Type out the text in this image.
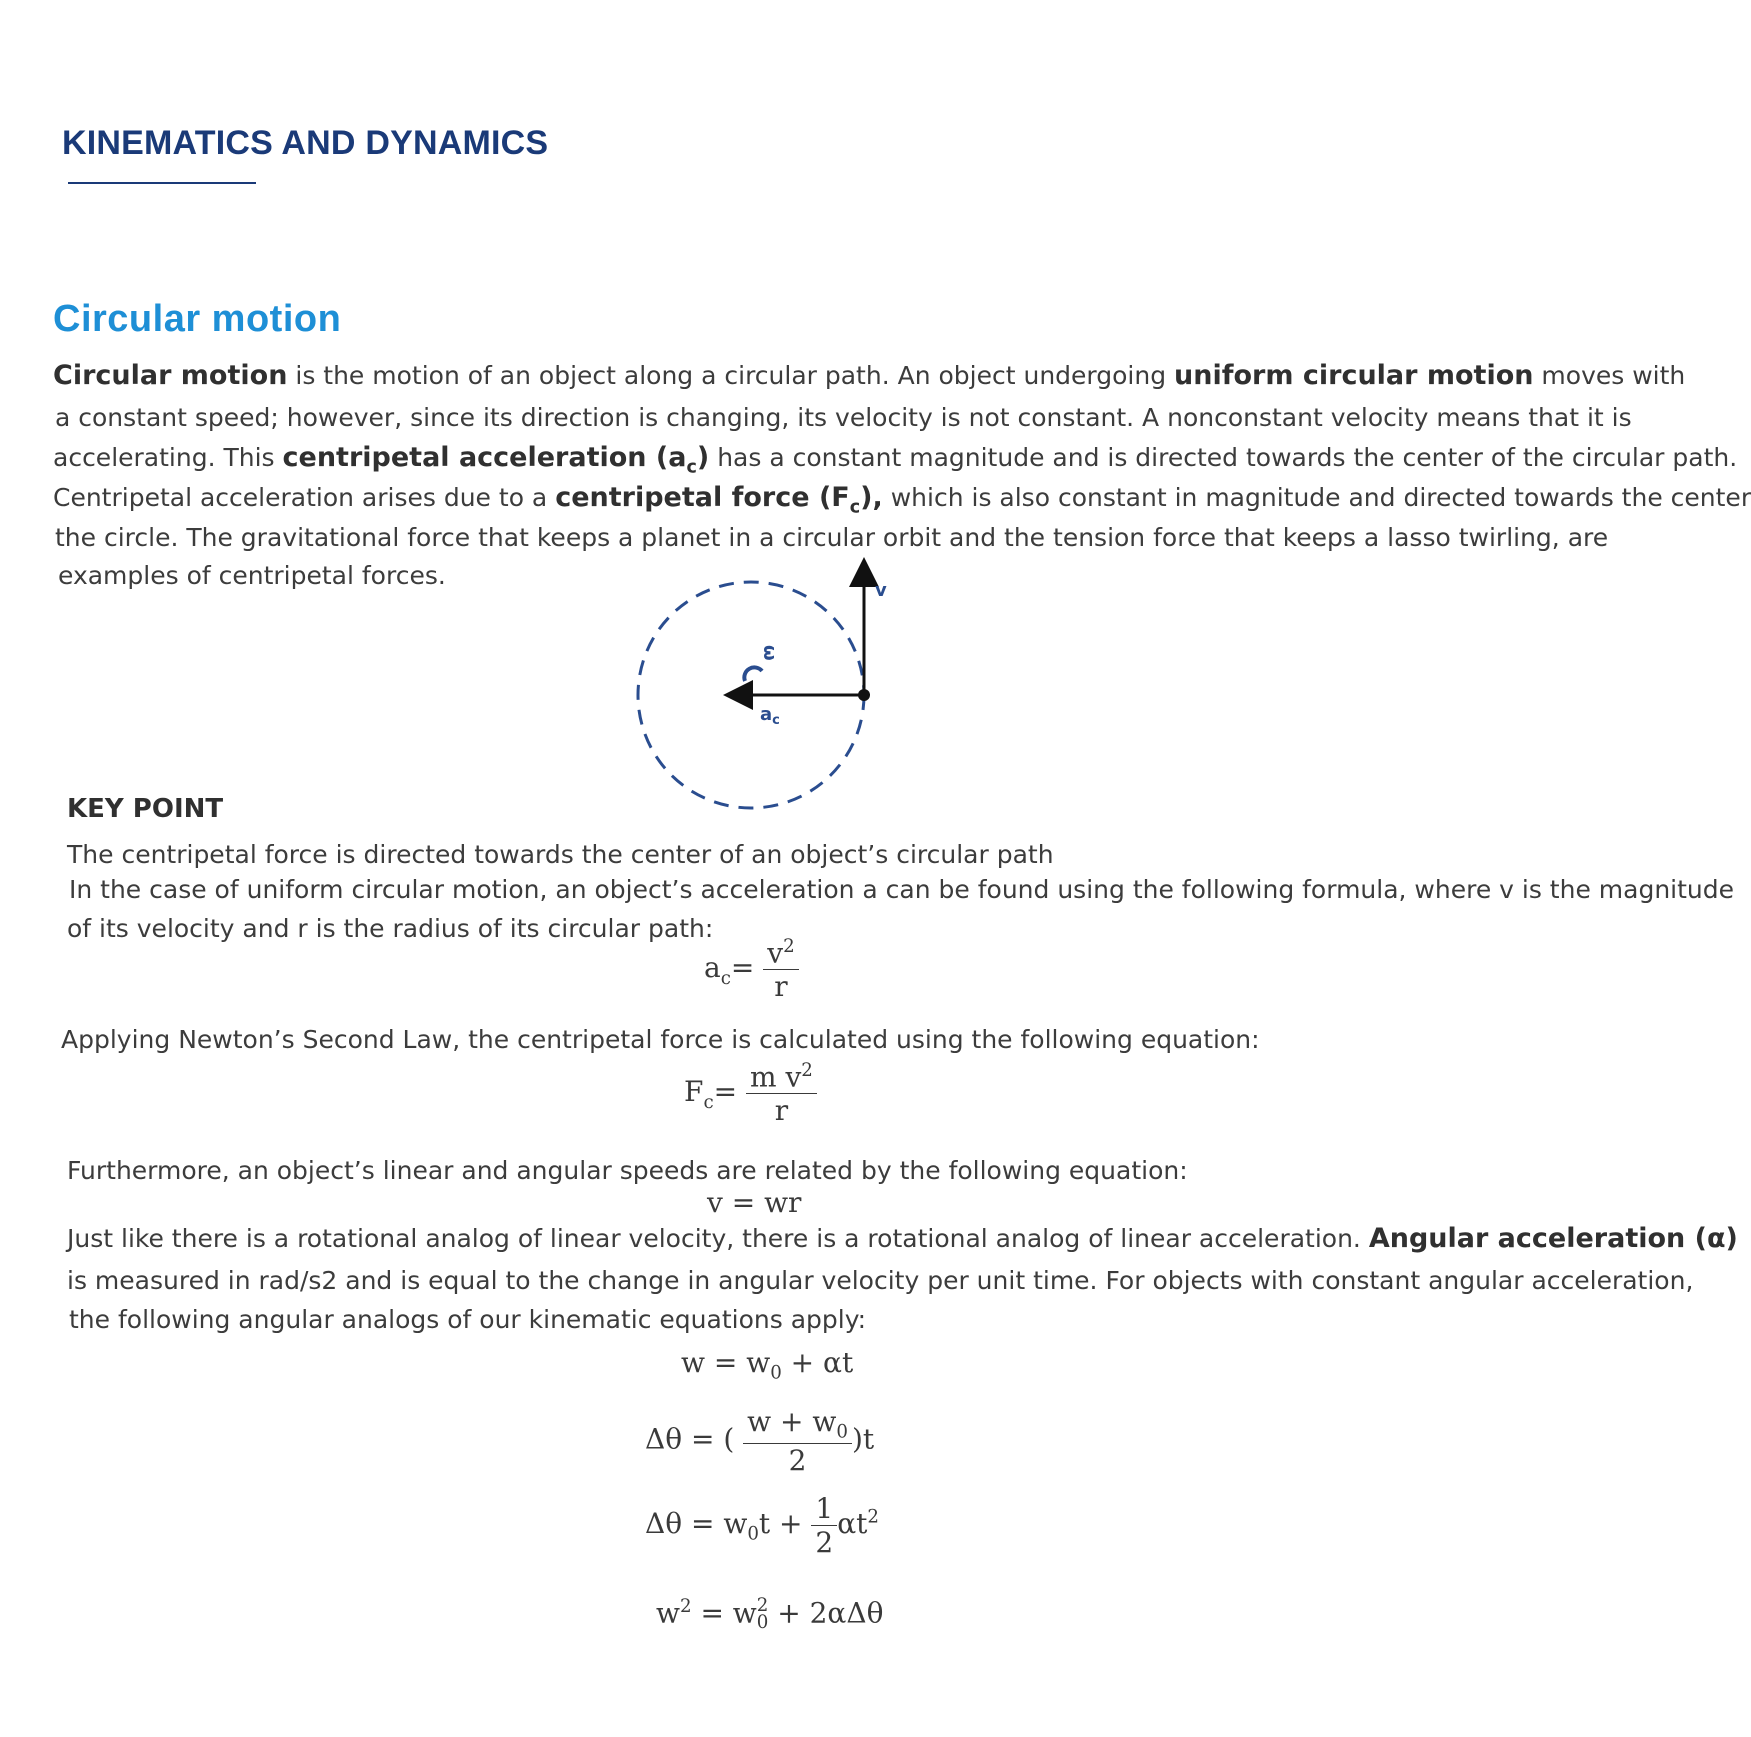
KINEMATICS AND DYNAMICS
Circular motion
Circular motion is the motion of an object along a circular path. An object undergoing uniform circular motion moves with
a constant speed; however, since its direction is changing, its velocity is not constant. A nonconstant velocity means that it is
accelerating. This centripetal acceleration $(a_c)$ has a constant magnitude and is directed towards the center of the circular path.
Centripetal acceleration arises due to a centripetal force $(F_c)$, which is also constant in magnitude and directed towards the center
the circle. The gravitational force that keeps a planet in a circular orbit and the tension force that keeps a lasso twirling, are
examples of centripetal forces.
v
ω
$a_c$
KEY POINT
The centripetal force is directed towards the center of an object’s circular path
In the case of uniform circular motion, an object’s acceleration a can be found using the following formula, where v is the magnitude
of its velocity and r is the radius of its circular path:
$a_c= \frac{v^2}{r}$
Applying Newton’s Second Law, the centripetal force is calculated using the following equation:
$F_c= \frac{m v^2}{r}$
Furthermore, an object’s linear and angular speeds are related by the following equation:
v = wr
Just like there is a rotational analog of linear velocity, there is a rotational analog of linear acceleration. Angular acceleration (α)
is measured in rad/s2 and is equal to the change in angular velocity per unit time. For objects with constant angular acceleration,
the following angular analogs of our kinematic equations apply:
$w = w_0 + \alpha t$
Δθ = ( $\frac{w + w_0}{2} )t$
$\Delta\theta = w_0t + \frac{1}{2} \alpha t^2$
$w^2 = w$ 2
0 + 2αΔθ
